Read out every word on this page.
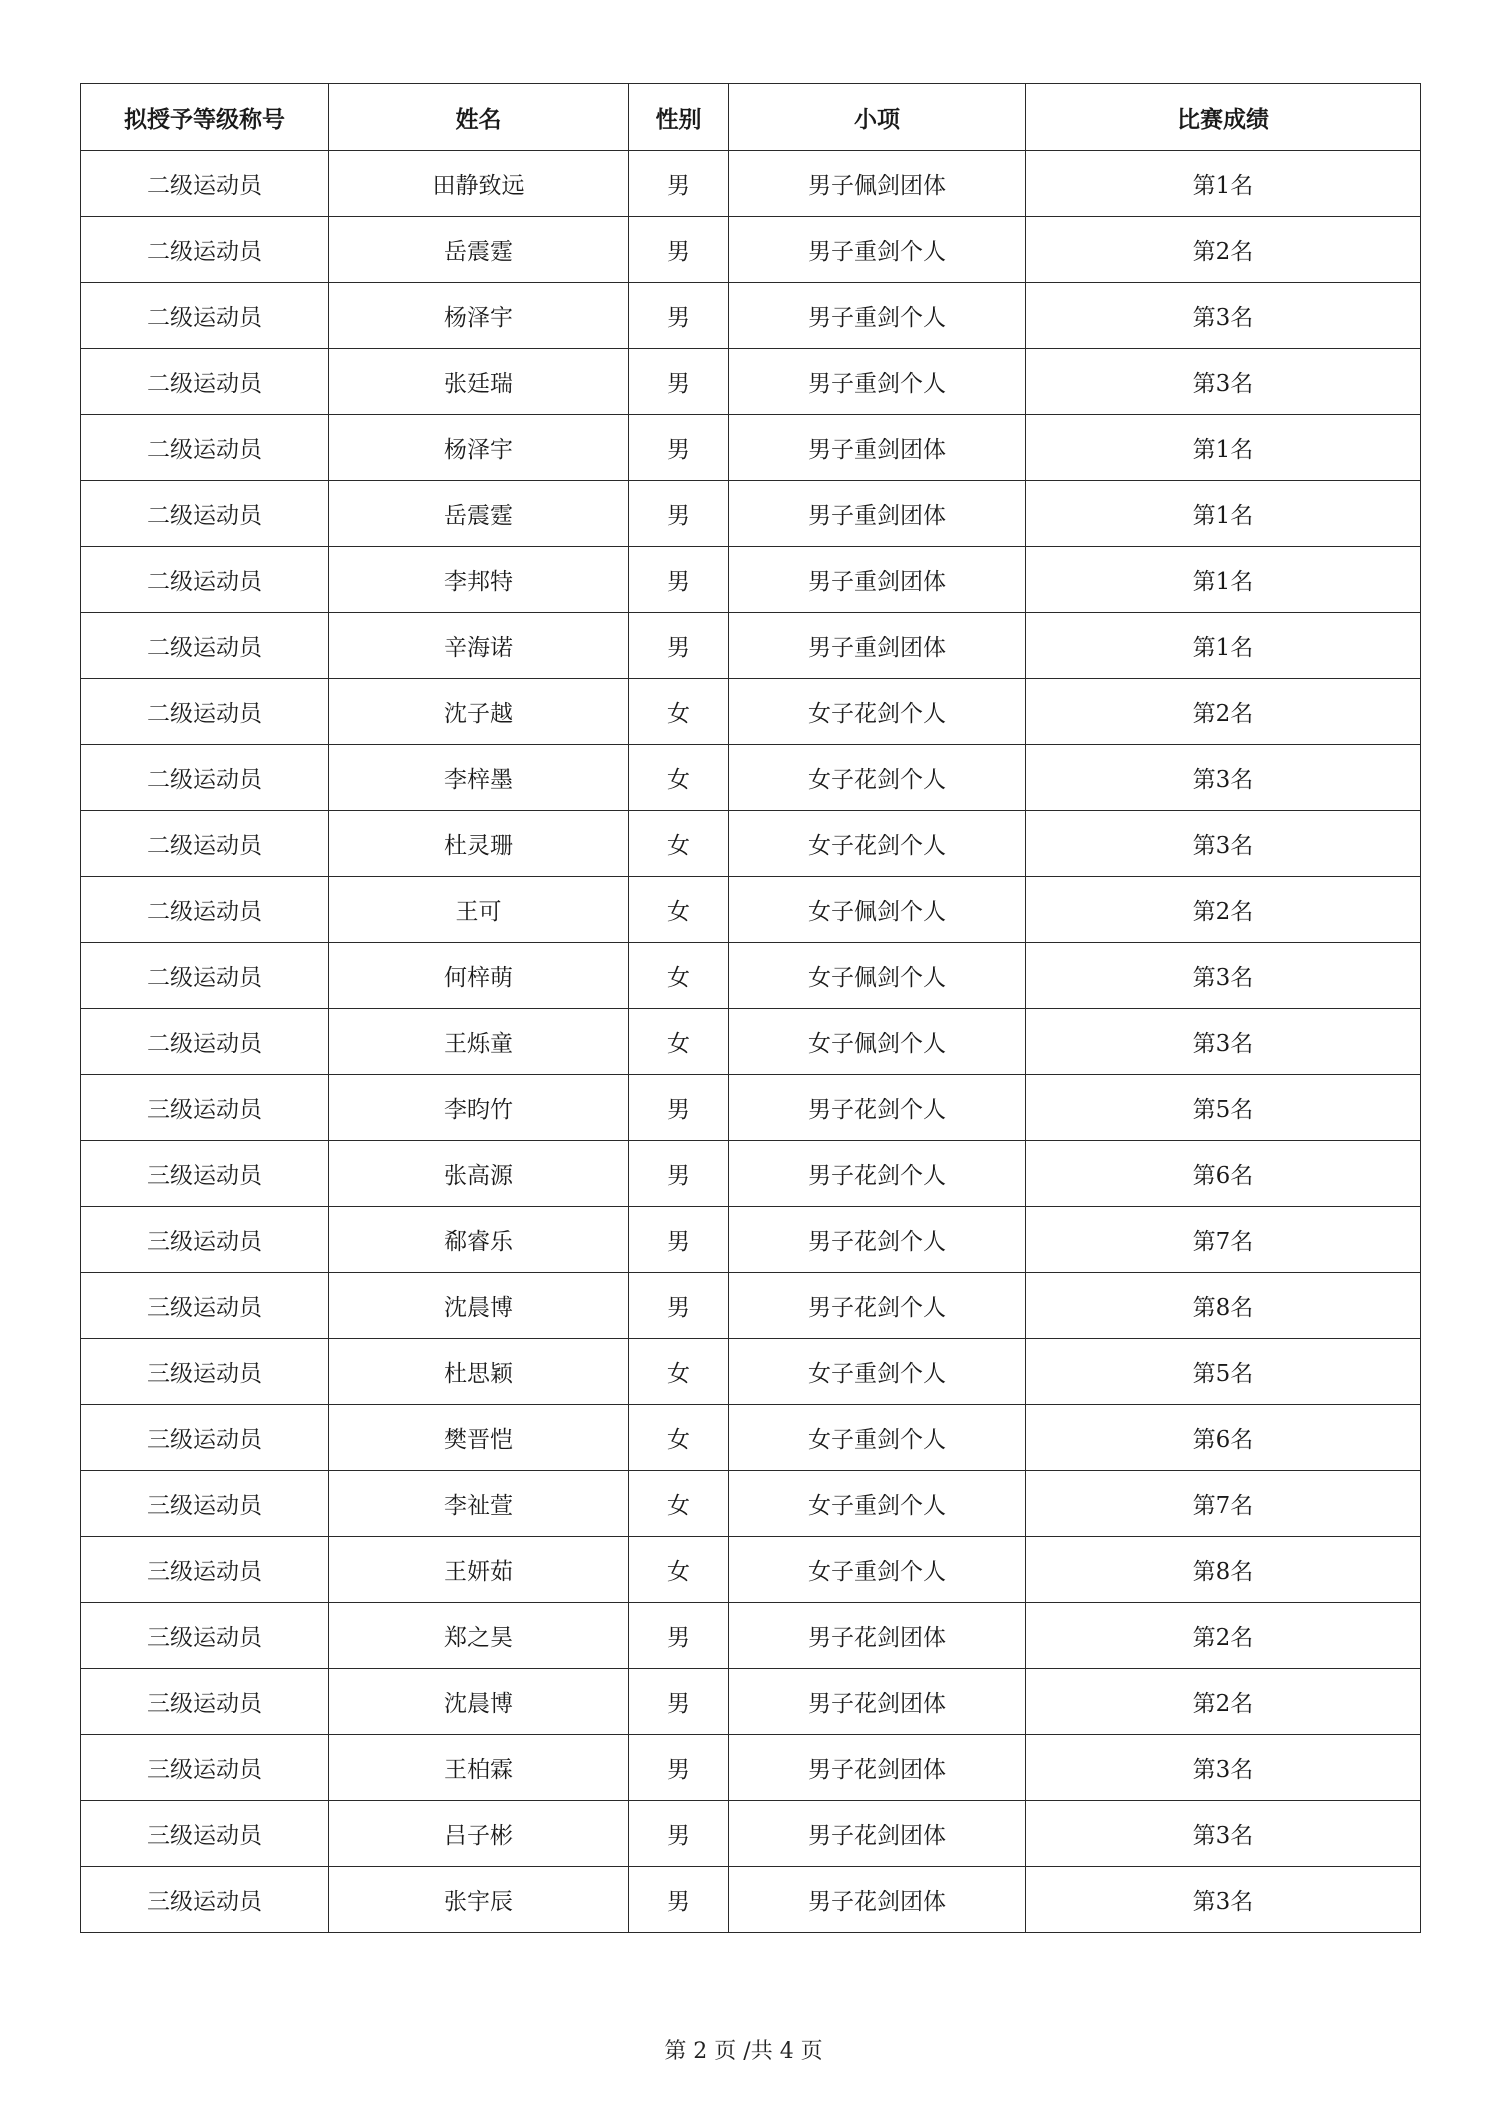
拟授予等级称号	姓名	性别	小项	比赛成绩
二级运动员	田静致远	男	男子佩剑团体	第1名
二级运动员	岳震霆	男	男子重剑个人	第2名
二级运动员	杨泽宇	男	男子重剑个人	第3名
二级运动员	张廷瑞	男	男子重剑个人	第3名
二级运动员	杨泽宇	男	男子重剑团体	第1名
二级运动员	岳震霆	男	男子重剑团体	第1名
二级运动员	李邦特	男	男子重剑团体	第1名
二级运动员	辛海诺	男	男子重剑团体	第1名
二级运动员	沈子越	女	女子花剑个人	第2名
二级运动员	李梓墨	女	女子花剑个人	第3名
二级运动员	杜灵珊	女	女子花剑个人	第3名
二级运动员	王可	女	女子佩剑个人	第2名
二级运动员	何梓萌	女	女子佩剑个人	第3名
二级运动员	王烁童	女	女子佩剑个人	第3名
三级运动员	李昀竹	男	男子花剑个人	第5名
三级运动员	张高源	男	男子花剑个人	第6名
三级运动员	郗睿乐	男	男子花剑个人	第7名
三级运动员	沈晨博	男	男子花剑个人	第8名
三级运动员	杜思颖	女	女子重剑个人	第5名
三级运动员	樊晋恺	女	女子重剑个人	第6名
三级运动员	李祉萱	女	女子重剑个人	第7名
三级运动员	王妍茹	女	女子重剑个人	第8名
三级运动员	郑之昊	男	男子花剑团体	第2名
三级运动员	沈晨博	男	男子花剑团体	第2名
三级运动员	王柏霖	男	男子花剑团体	第3名
三级运动员	吕子彬	男	男子花剑团体	第3名
三级运动员	张宇辰	男	男子花剑团体	第3名
第 2 页 /共 4 页
